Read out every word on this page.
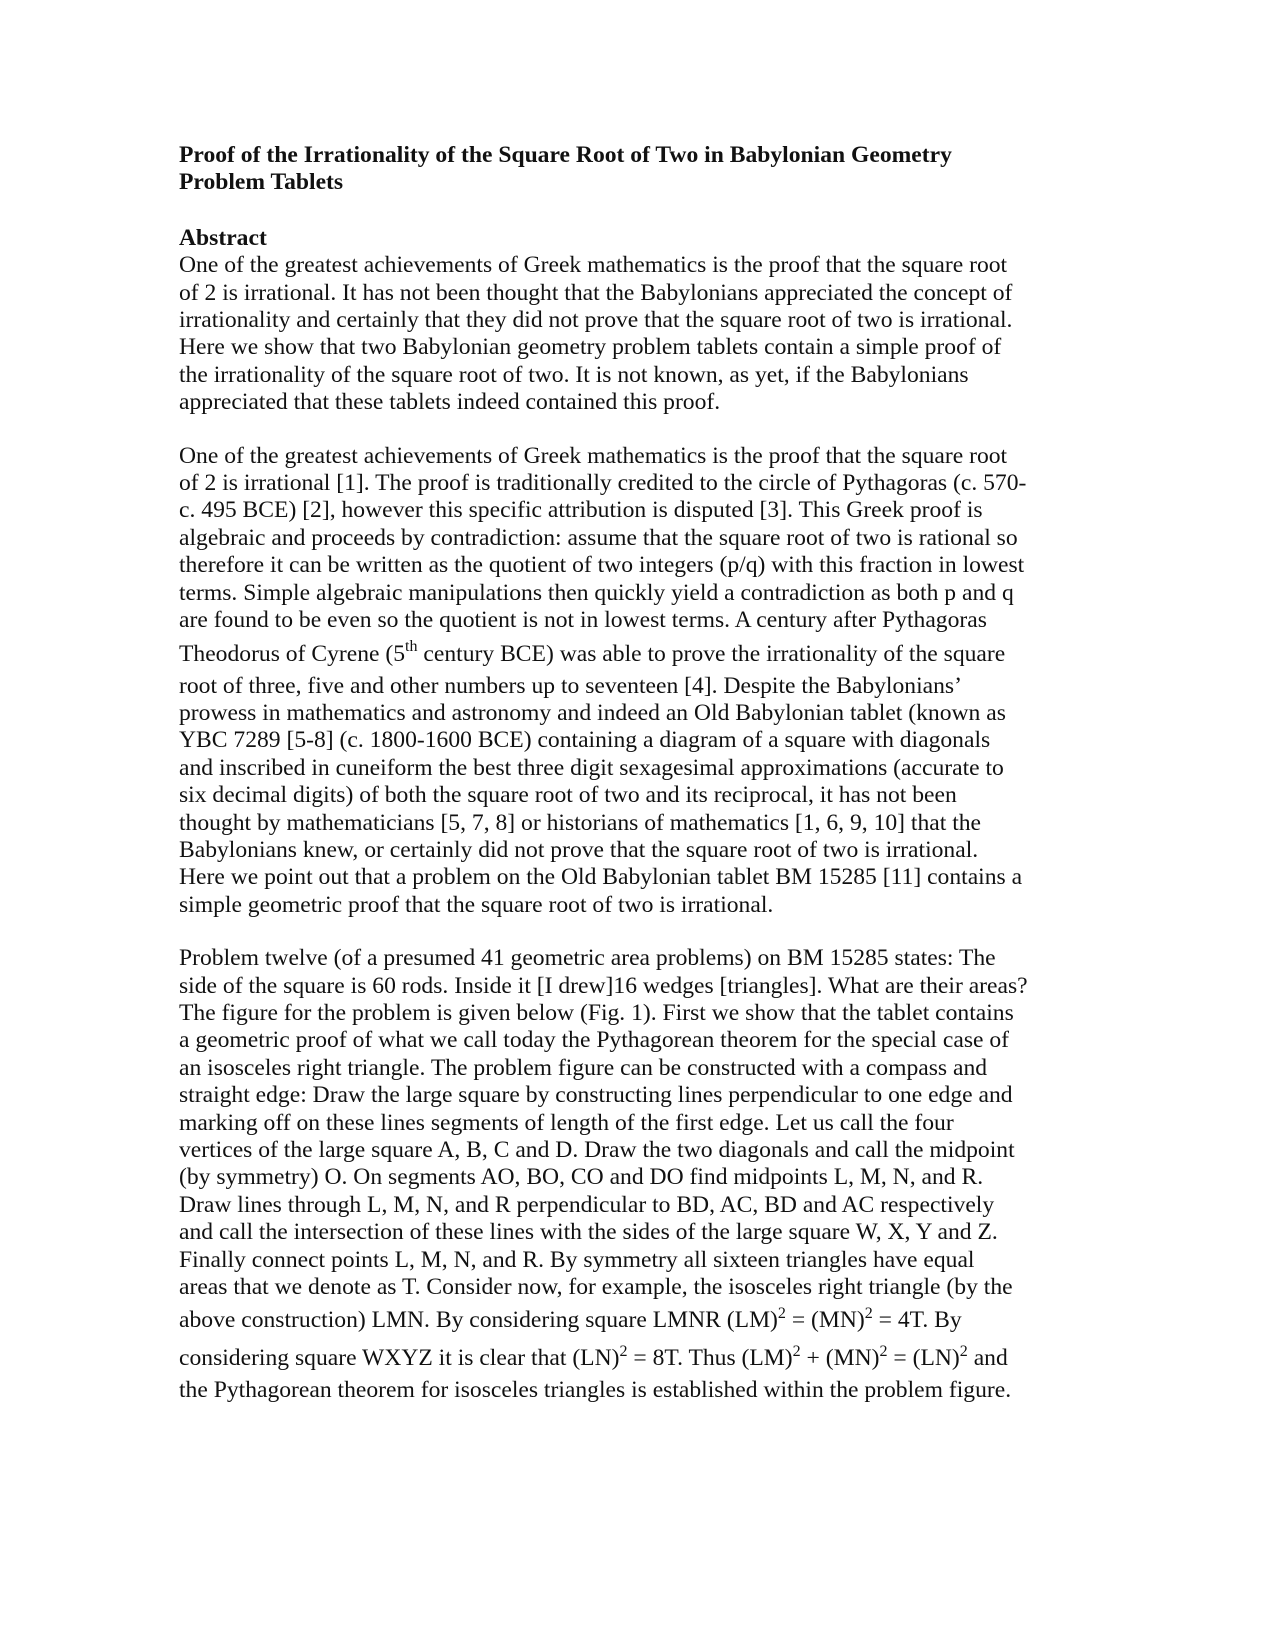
Proof of the Irrationality of the Square Root of Two in Babylonian Geometry
Problem Tablets
Abstract

One of the greatest achievements of Greek mathematics is the proof that the square root
of 2 is irrational. It has not been thought that the Babylonians appreciated the concept of
irrationality and certainly that they did not prove that the square root of two is irrational.
Here we show that two Babylonian geometry problem tablets contain a simple proof of
the irrationality of the square root of two. It is not known, as yet, if the Babylonians
appreciated that these tablets indeed contained this proof.

One of the greatest achievements of Greek mathematics is the proof that the square root
of 2 is irrational [1]. The proof is traditionally credited to the circle of Pythagoras (c. 570-
c. 495 BCE) [2], however this specific attribution is disputed [3]. This Greek proof is
algebraic and proceeds by contradiction: assume that the square root of two is rational so
therefore it can be written as the quotient of two integers (p/q) with this fraction in lowest
terms. Simple algebraic manipulations then quickly yield a contradiction as both p and q
are found to be even so the quotient is not in lowest terms. A century after Pythagoras
Theodorus of Cyrene (5th century BCE) was able to prove the irrationality of the square
root of three, five and other numbers up to seventeen [4]. Despite the Babylonians’
prowess in mathematics and astronomy and indeed an Old Babylonian tablet (known as
YBC 7289 [5-8] (c. 1800-1600 BCE) containing a diagram of a square with diagonals
and inscribed in cuneiform the best three digit sexagesimal approximations (accurate to
six decimal digits) of both the square root of two and its reciprocal, it has not been
thought by mathematicians [5, 7, 8] or historians of mathematics [1, 6, 9, 10] that the
Babylonians knew, or certainly did not prove that the square root of two is irrational.
Here we point out that a problem on the Old Babylonian tablet BM 15285 [11] contains a
simple geometric proof that the square root of two is irrational.

Problem twelve (of a presumed 41 geometric area problems) on BM 15285 states: The
side of the square is 60 rods. Inside it [I drew]16 wedges [triangles]. What are their areas?
The figure for the problem is given below (Fig. 1). First we show that the tablet contains
a geometric proof of what we call today the Pythagorean theorem for the special case of
an isosceles right triangle. The problem figure can be constructed with a compass and
straight edge: Draw the large square by constructing lines perpendicular to one edge and
marking off on these lines segments of length of the first edge. Let us call the four
vertices of the large square A, B, C and D. Draw the two diagonals and call the midpoint
(by symmetry) O. On segments AO, BO, CO and DO find midpoints L, M, N, and R.
Draw lines through L, M, N, and R perpendicular to BD, AC, BD and AC respectively
and call the intersection of these lines with the sides of the large square W, X, Y and Z.
Finally connect points L, M, N, and R. By symmetry all sixteen triangles have equal
areas that we denote as T. Consider now, for example, the isosceles right triangle (by the
above construction) LMN. By considering square LMNR (LM)$^2$ = (MN)$^2$ = 4T. By
considering square WXYZ it is clear that (LN)$^2$ = 8T. Thus (LM)$^2$ + (MN)$^2$ = (LN)$^2$ and
the Pythagorean theorem for isosceles triangles is established within the problem figure.
